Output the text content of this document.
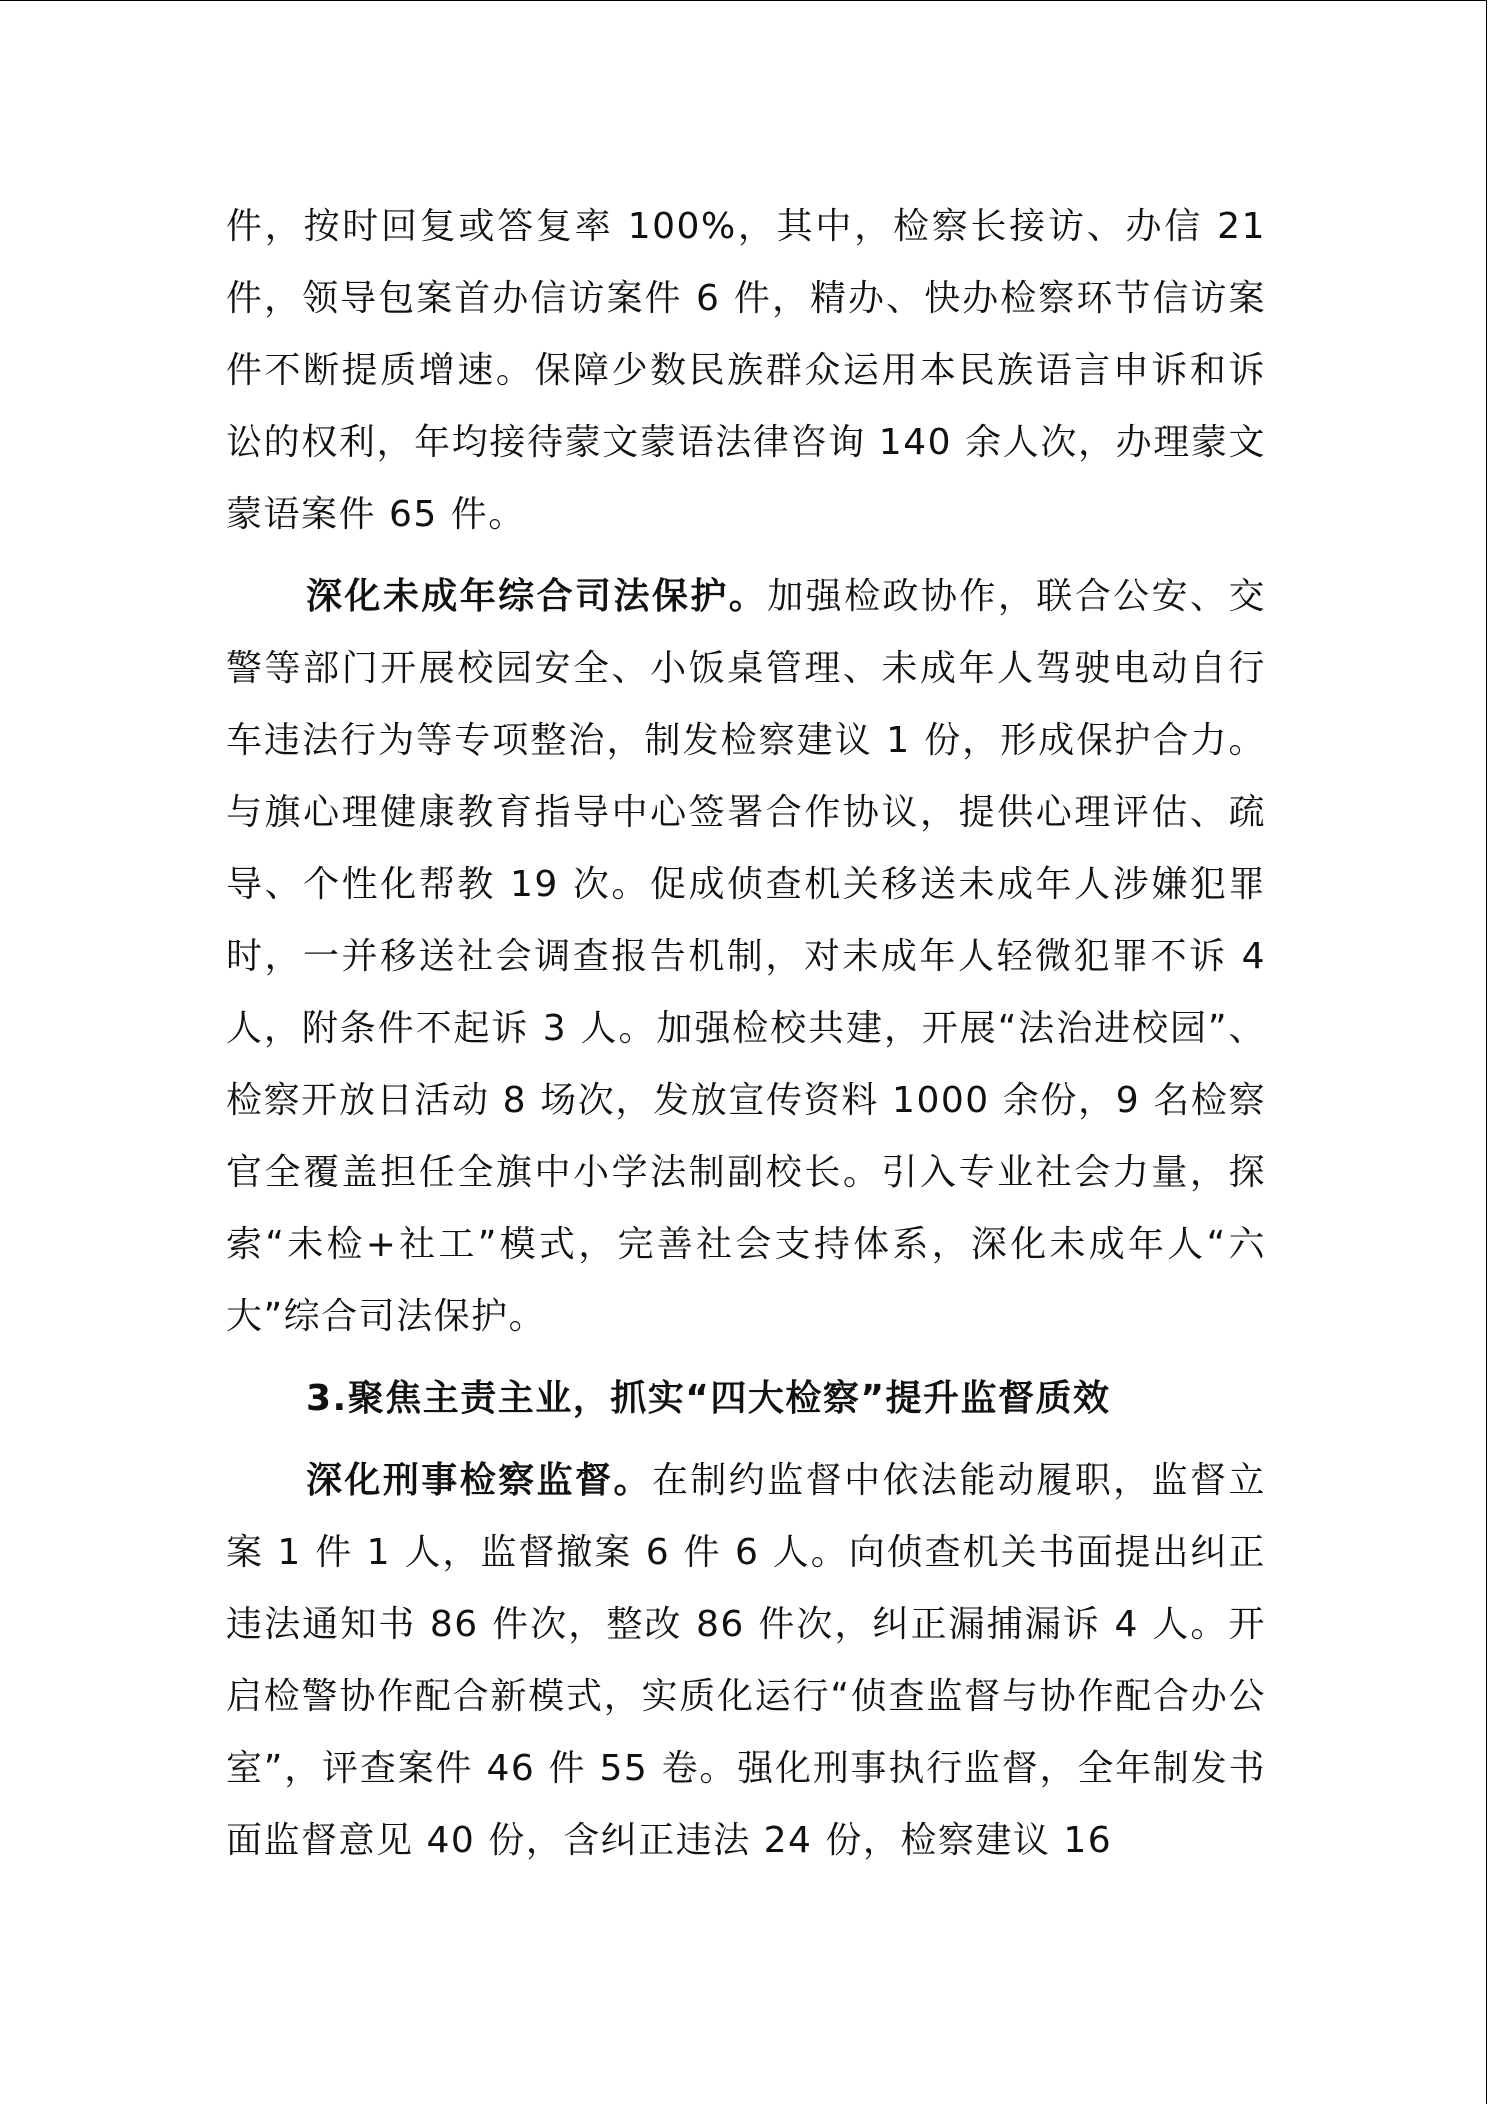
件，按时回复或答复率 100%，其中，检察长接访、办信 21 件，领导包案首办信访案件 6 件，精办、快办检察环节信访案件不断提质增速。保障少数民族群众运用本民族语言申诉和诉讼的权利，年均接待蒙文蒙语法律咨询 140 余人次，办理蒙文蒙语案件 65 件。

深化未成年综合司法保护。加强检政协作，联合公安、交警等部门开展校园安全、小饭桌管理、未成年人驾驶电动自行车违法行为等专项整治，制发检察建议 1 份，形成保护合力。与旗心理健康教育指导中心签署合作协议，提供心理评估、疏导、个性化帮教 19 次。促成侦查机关移送未成年人涉嫌犯罪时，一并移送社会调查报告机制，对未成年人轻微犯罪不诉 4 人，附条件不起诉 3 人。加强检校共建，开展“法治进校园”、检察开放日活动 8 场次，发放宣传资料 1000 余份，9 名检察官全覆盖担任全旗中小学法制副校长。引入专业社会力量，探索“未检+社工”模式，完善社会支持体系，深化未成年人“六大”综合司法保护。

3.聚焦主责主业，抓实“四大检察”提升监督质效

深化刑事检察监督。在制约监督中依法能动履职，监督立案 1 件 1 人，监督撤案 6 件 6 人。向侦查机关书面提出纠正违法通知书 86 件次，整改 86 件次，纠正漏捕漏诉 4 人。开启检警协作配合新模式，实质化运行“侦查监督与协作配合办公室”，评查案件 46 件 55 卷。强化刑事执行监督，全年制发书面监督意见 40 份，含纠正违法 24 份，检察建议 16
